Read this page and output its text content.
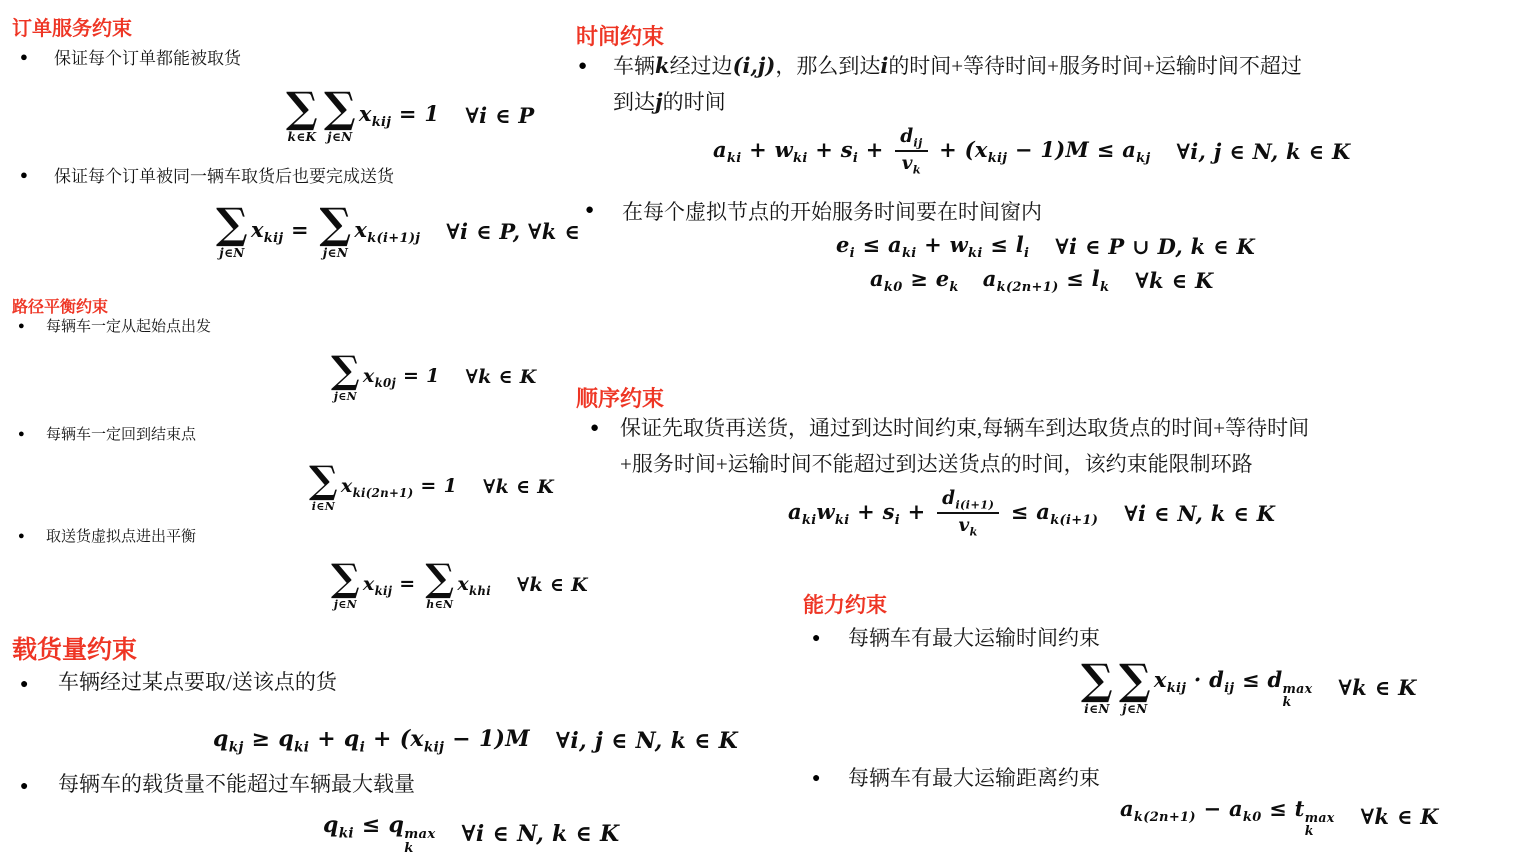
订单服务约束
● 保证每个订单都能被取货
∑
k∈K
∑
j∈N
$x_{kij} = 1$ ∀i ∈ P
● 保证每个订单被同一辆车取货后也要完成送货
∑
j∈N
$x_{kij}$ = ∑
j∈N
$x_{k(i+1)j}$ ∀i ∈ P, ∀k ∈
路径平衡约束
● 每辆车一定从起始点出发
∑
j∈N
$x_{k0j} = 1$ ∀k ∈ K
● 每辆车一定回到结束点
∑
i∈N
$x_{ki(2n+1)} = 1$ ∀k ∈ K
● 取送货虚拟点进出平衡
∑
j∈N
$x_{kij}$ = ∑
h∈N
$x_{khi}$ ∀k ∈ K
载货量约束
● 车辆经过某点要取/送该点的货
$q_{kj} \ge q_{ki} + q_i + (x_{kij} - 1)M$ ∀i, j ∈ N, k ∈ K
● 每辆车的载货量不能超过车辆最大载量
$q_{ki} \le q$ max
k
∀i ∈ N, k ∈ K
时间约束
● 车辆k经过边(i,j)，那么到达i的时间+等待时间+服务时间+运输时间不超过
到达j的时间
$a_{ki} + w_{ki} + s_i + \frac{d_{ij}}{v_k} + (x_{kij} - 1)M \le a_{kj}$ ∀i, j ∈ N, k ∈ K
● 在每个虚拟节点的开始服务时间要在时间窗内
$e_i \le a_{ki} + w_{ki} \le l_i$ ∀i ∈ P ∪ D, k ∈ K
$a_{k0} \ge e_k$ $a_{k(2n+1)} \le l_k$ ∀k ∈ K
顺序约束
● 保证先取货再送货，通过到达时间约束,每辆车到达取货点的时间+等待时间
+服务时间+运输时间不能超过到达送货点的时间，该约束能限制环路
$a_{ki}w_{ki} + s_i + \frac{d_{i(i+1)}}{v_k} \le a_{k(i+1)}$ ∀i ∈ N, k ∈ K
能力约束
● 每辆车有最大运输时间约束
∑
i∈N
∑
j∈N
$x_{kij} \cdot d_{ij} \le d$ max
k
∀k ∈ K
● 每辆车有最大运输距离约束
$a_{k(2n+1)} - a_{k0} \le t$ max
k
∀k ∈ K
